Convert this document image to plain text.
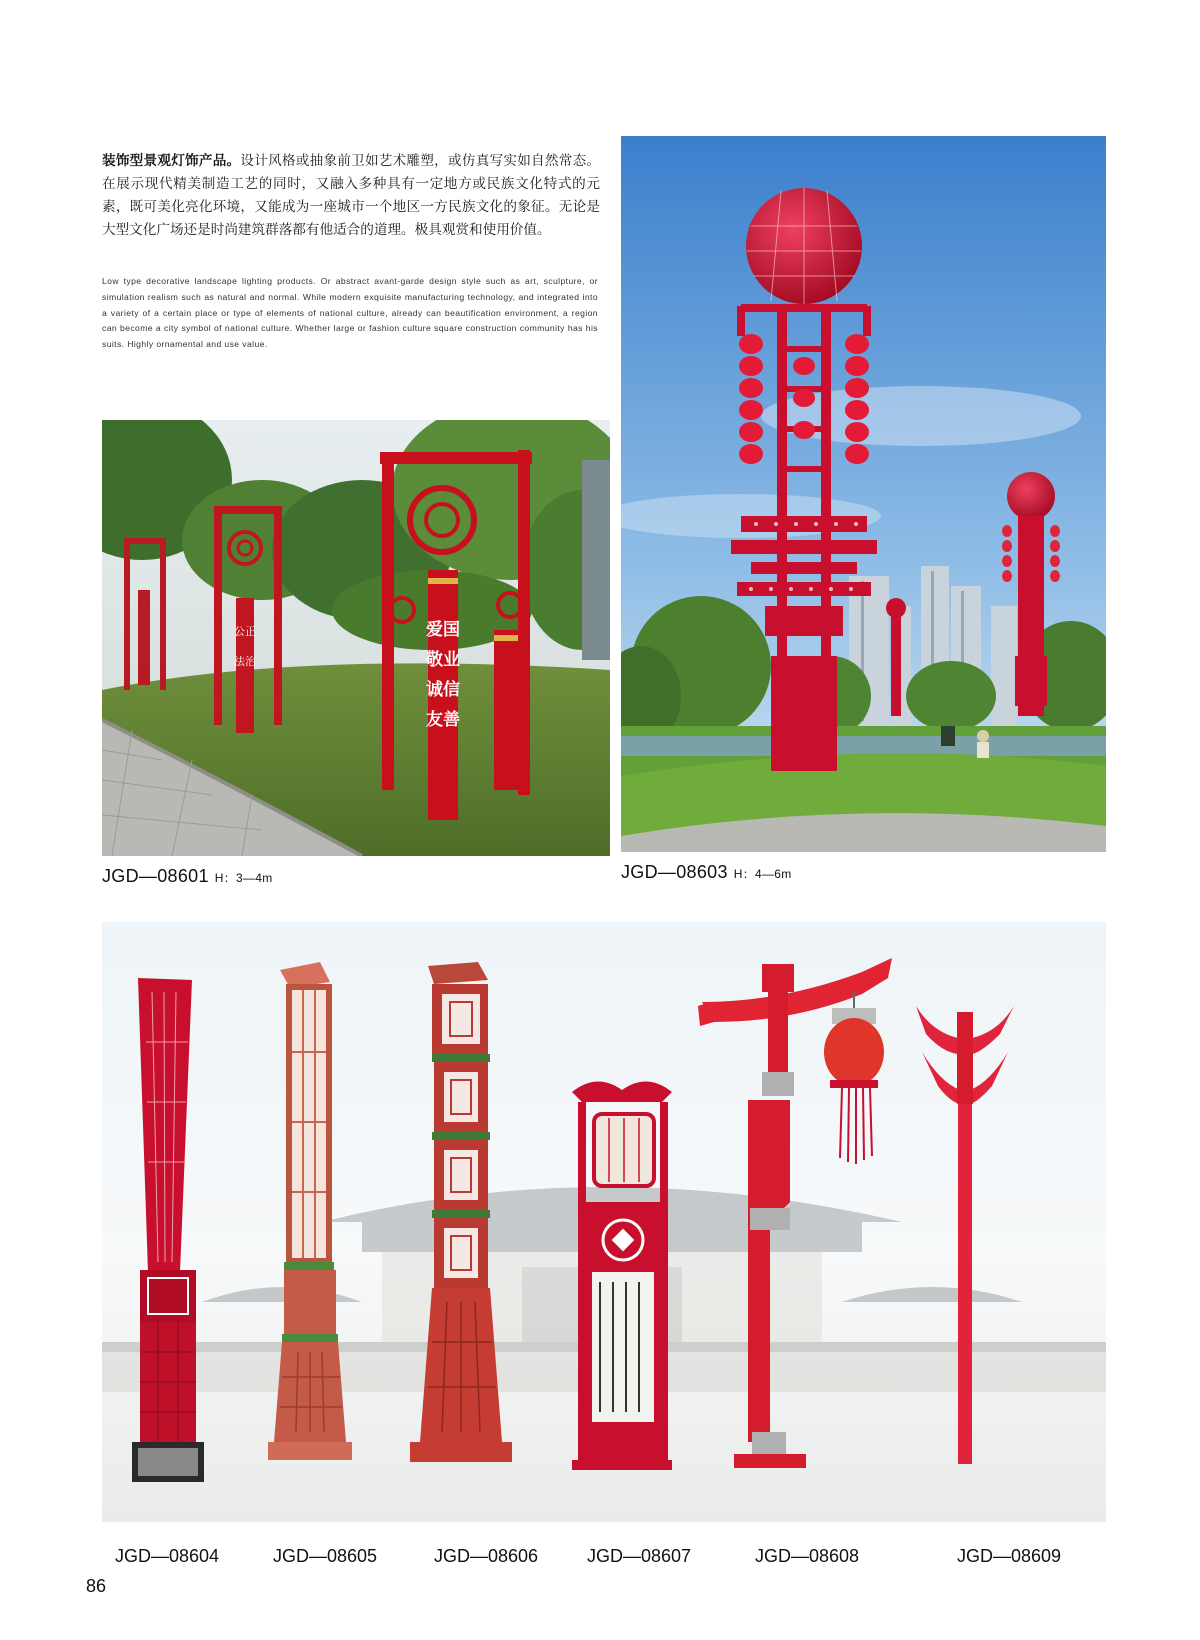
装饰型景观灯饰产品。设计风格或抽象前卫如艺术雕塑，或仿真写实如自然常态。在展示现代精美制造工艺的同时，又融入多种具有一定地方或民族文化特式的元素，既可美化亮化环境，又能成为一座城市一个地区一方民族文化的象征。无论是大型文化广场还是时尚建筑群落都有他适合的道理。极具观赏和使用价值。
Low type decorative landscape lighting products. Or abstract avant-garde design style such as art, sculpture, or simulation realism such as natural and normal. While modern exquisite manufacturing technology, and integrated into a variety of a certain place or type of elements of national culture, already can beautification environment, a region can become a city symbol of national culture. Whether large or fashion culture square construction community has his suits. Highly ornamental and use value.
公正
法治
爱国
敬业
诚信
友善
JGD—08601 H：3—4m	JGD—08603 H：4—6m
JGD—08604	JGD—08605	JGD—08606	JGD—08607	JGD—08608	JGD—08609
86
